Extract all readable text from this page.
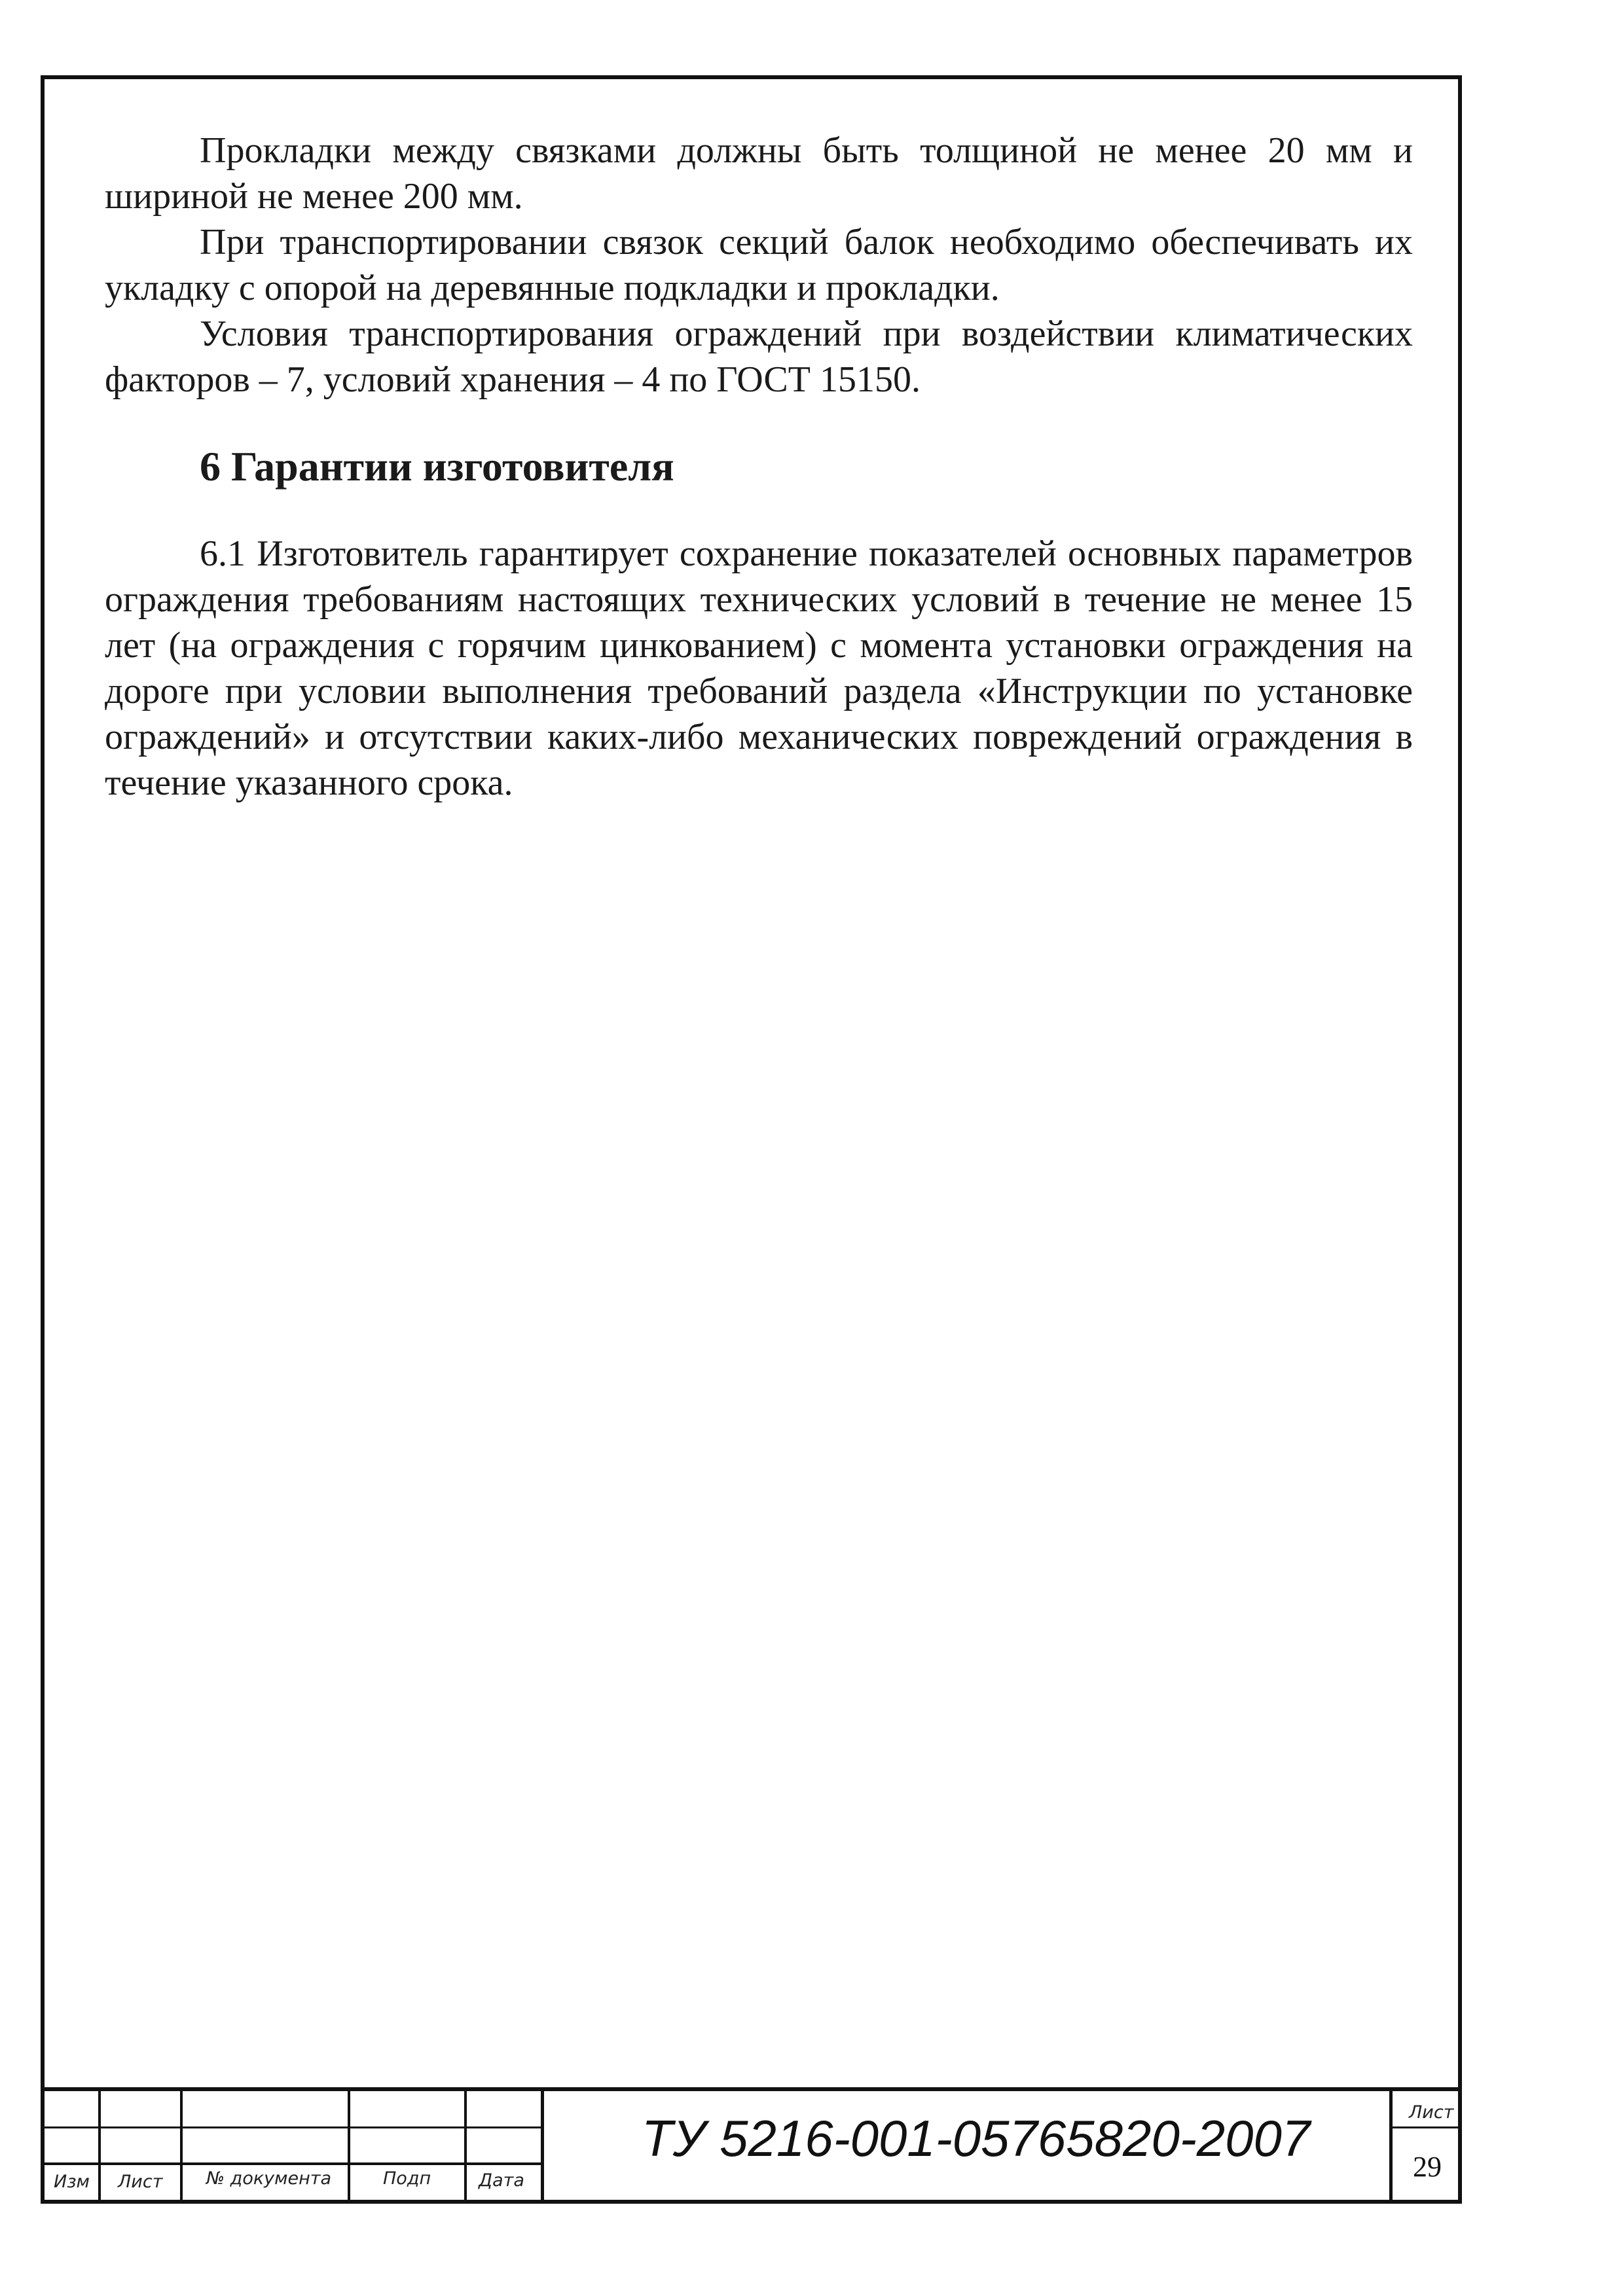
Прокладки между связками должны быть толщиной не менее 20 мм и шириной не менее 200 мм.

При транспортировании связок секций балок необходимо обеспечивать их укладку с опорой на деревянные подкладки и прокладки.

Условия транспортирования ограждений при воздействии климатических факторов – 7, условий хранения – 4 по ГОСТ 15150.

6 Гарантии изготовителя

6.1 Изготовитель гарантирует сохранение показателей основных параметров ограждения требованиям настоящих технических условий в течение не менее 15 лет (на ограждения с горячим цинкованием) с момента установки ограждения на дороге при условии выполнения требований раздела «Инструкции по установке ограждений» и отсутствии каких-либо механических повреждений ограждения в течение указанного срока.

Изм Лист № документа	Подп	Дата
ТУ 5216-001-05765820-2007	Лист
29
